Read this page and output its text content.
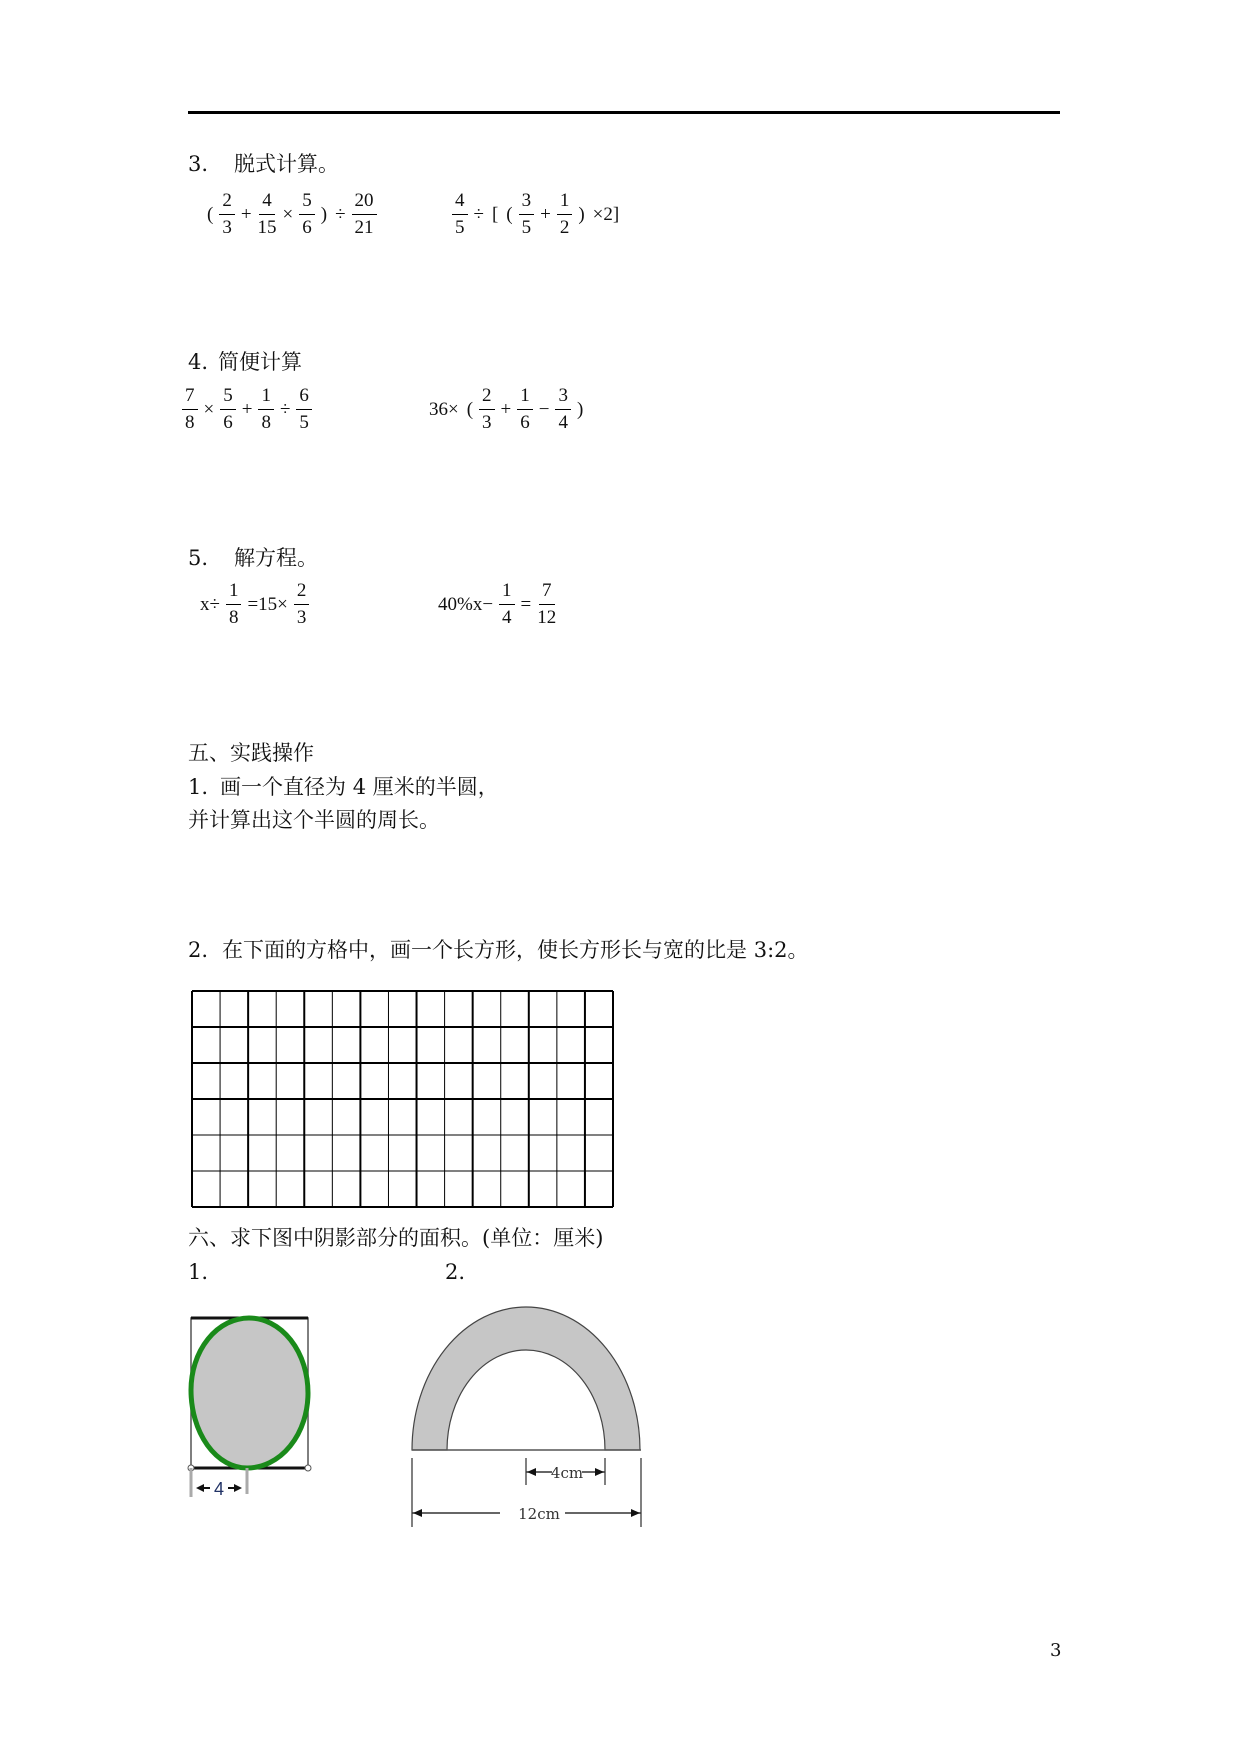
3. 脱式计算。
( $\frac{2}{3} + \frac{4}{15} \times \frac{5}{6}$ ) ÷ $\frac{20}{21}$	$\frac{4}{5}$ ÷ [ ( $\frac{3}{5} + \frac{1}{2}$ ) ×2]
4. 简便计算
$\frac{7}{8} \times \frac{5}{6} + \frac{1}{8} \div \frac{6}{5}$	36× ( $\frac{2}{3} + \frac{1}{6} - \frac{3}{4}$ )
5. 解方程。
$x\div \frac{1}{8} =15\times \frac{2}{3}$	$40\%x- \frac{1}{4} = \frac{7}{12}$
五、实践操作
1. 画一个直径为 4 厘米的半圆，
并计算出这个半圆的周长。
2. 在下面的方格中，画一个长方形，使长方形长与宽的比是 3:2。
4
4cm
12cm
六、求下图中阴影部分的面积。(单位：厘米)
1.	2.
3
